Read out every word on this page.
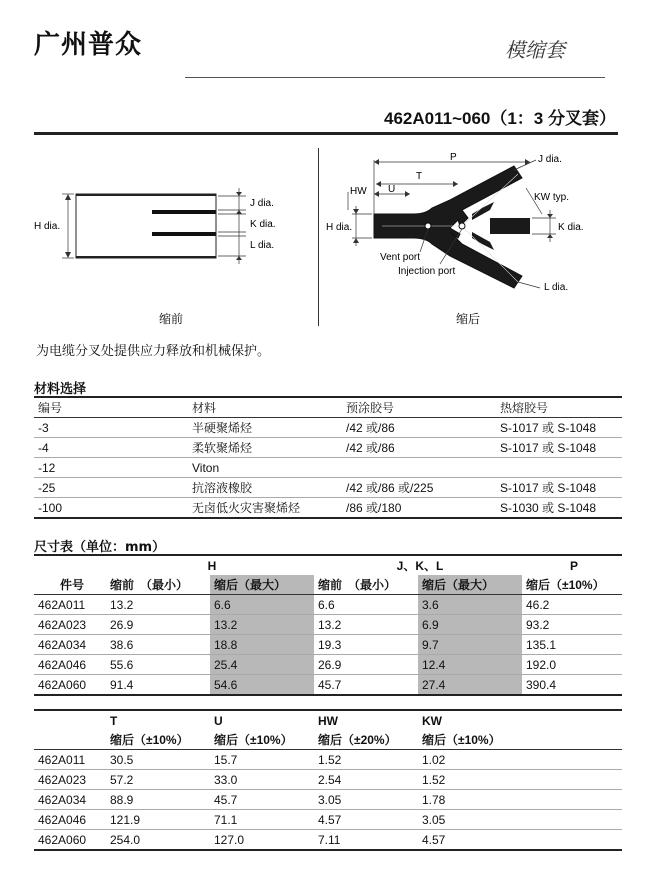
广州普众	模缩套
462A011~060（1：3 分叉套）
H dia.
J dia.
K dia.
L dia.
缩前
P
T
U
HW
H dia.
J dia.
KW typ.
K dia.
L dia.
Vent port
Injection port
缩后
为电缆分叉处提供应力释放和机械保护。
材料选择
编号	材料	预涂胶号	热熔胶号
-3	半硬聚烯烃	/42 或/86	S-1017 或 S-1048
-4	柔软聚烯烃	/42 或/86	S-1017 或 S-1048
-12	Viton		
-25	抗溶液橡胶	/42 或/86 或/225	S-1017 或 S-1048
-100	无卤低火灾害聚烯烃	/86 或/180	S-1030 或 S-1048
尺寸表（单位：mm）
	H		J、K、L		P
件号	缩前　（最小）	缩后（最大）	缩前　（最小）	缩后（最大）	缩后（±10%）
462A011	13.2	6.6	6.6	3.6	46.2
462A023	26.9	13.2	13.2	6.9	93.2
462A034	38.6	18.8	19.3	9.7	135.1
462A046	55.6	25.4	26.9	12.4	192.0
462A060	91.4	54.6	45.7	27.4	390.4
	T	U	HW	KW	
	缩后（±10%）	缩后（±10%）	缩后（±20%）	缩后（±10%）	
462A011	30.5	15.7	1.52	1.02	
462A023	57.2	33.0	2.54	1.52	
462A034	88.9	45.7	3.05	1.78	
462A046	121.9	71.1	4.57	3.05	
462A060	254.0	127.0	7.11	4.57	
